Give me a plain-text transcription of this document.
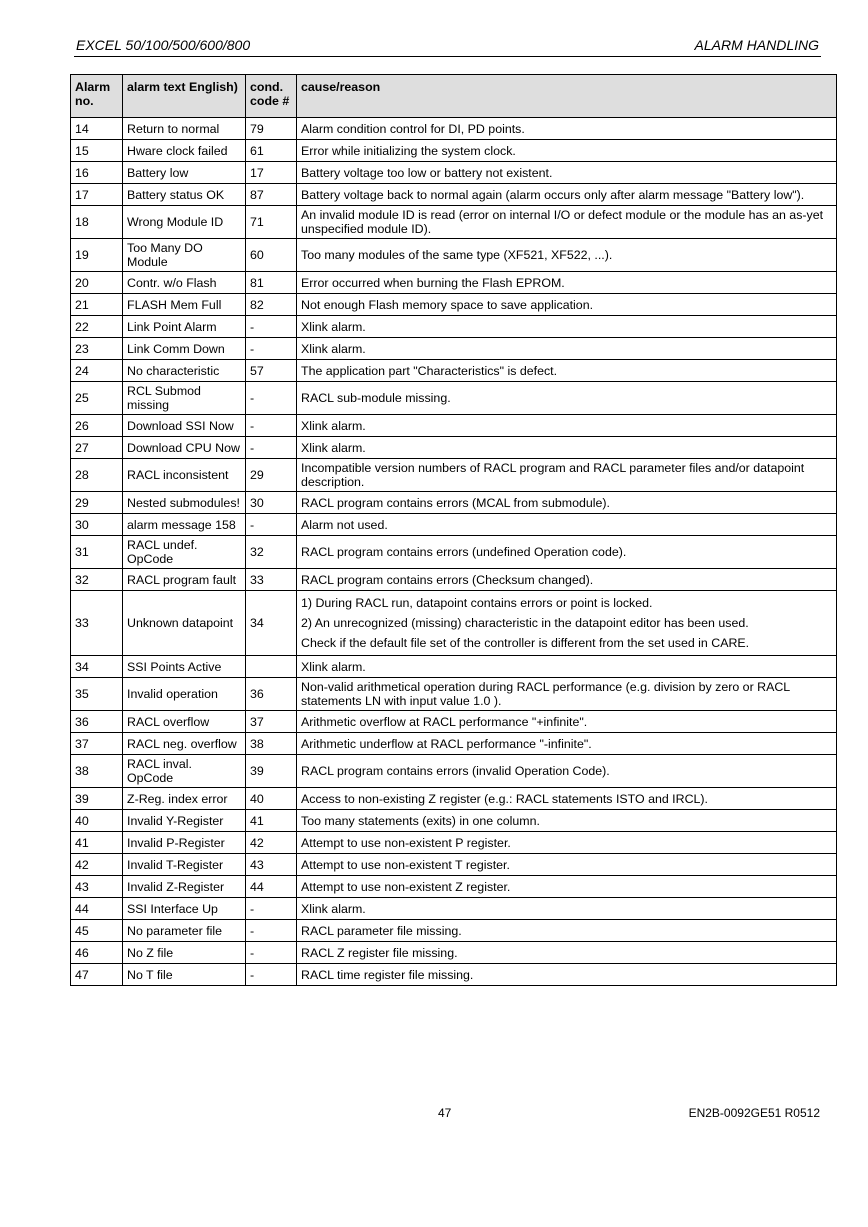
EXCEL 50/100/500/600/800	ALARM HANDLING
Alarm no.	alarm text English)	cond. code #	cause/reason
14	Return to normal	79	Alarm condition control for DI, PD points.
15	Hware clock failed	61	Error while initializing the system clock.
16	Battery low	17	Battery voltage too low or battery not existent.
17	Battery status OK	87	Battery voltage back to normal again (alarm occurs only after alarm message "Battery low").
18	Wrong Module ID	71	An invalid module ID is read (error on internal I/O or defect module or the module has an as-yet unspecified module ID).
19	Too Many DO Module	60	Too many modules of the same type (XF521, XF522, ...).
20	Contr. w/o Flash	81	Error occurred when burning the Flash EPROM.
21	FLASH Mem Full	82	Not enough Flash memory space to save application.
22	Link Point Alarm	-	Xlink alarm.
23	Link Comm Down	-	Xlink alarm.
24	No characteristic	57	The application part "Characteristics" is defect.
25	RCL Submod missing	-	RACL sub-module missing.
26	Download SSI Now	-	Xlink alarm.
27	Download CPU Now	-	Xlink alarm.
28	RACL inconsistent	29	Incompatible version numbers of RACL program and RACL parameter files and/or datapoint description.
29	Nested submodules!	30	RACL program contains errors (MCAL from submodule).
30	alarm message 158	-	Alarm not used.
31	RACL undef. OpCode	32	RACL program contains errors (undefined Operation code).
32	RACL program fault	33	RACL program contains errors (Checksum changed).
33	Unknown datapoint	34	1) During RACL run, datapoint contains errors or point is locked.
2) An unrecognized (missing) characteristic in the datapoint editor has been used.
Check if the default file set of the controller is different from the set used in CARE.

34	SSI Points Active		Xlink alarm.
35	Invalid operation	36	Non-valid arithmetical operation during RACL performance (e.g. division by zero or RACL statements LN with input value 1.0 ).
36	RACL overflow	37	Arithmetic overflow at RACL performance "+infinite".
37	RACL neg. overflow	38	Arithmetic underflow at RACL performance "-infinite".
38	RACL inval. OpCode	39	RACL program contains errors (invalid Operation Code).
39	Z-Reg. index error	40	Access to non-existing Z register (e.g.: RACL statements ISTO and IRCL).
40	Invalid Y-Register	41	Too many statements (exits) in one column.
41	Invalid P-Register	42	Attempt to use non-existent P register.
42	Invalid T-Register	43	Attempt to use non-existent T register.
43	Invalid Z-Register	44	Attempt to use non-existent Z register.
44	SSI Interface Up	-	Xlink alarm.
45	No parameter file	-	RACL parameter file missing.
46	No Z file	-	RACL Z register file missing.
47	No T file	-	RACL time register file missing.
47	EN2B-0092GE51 R0512
